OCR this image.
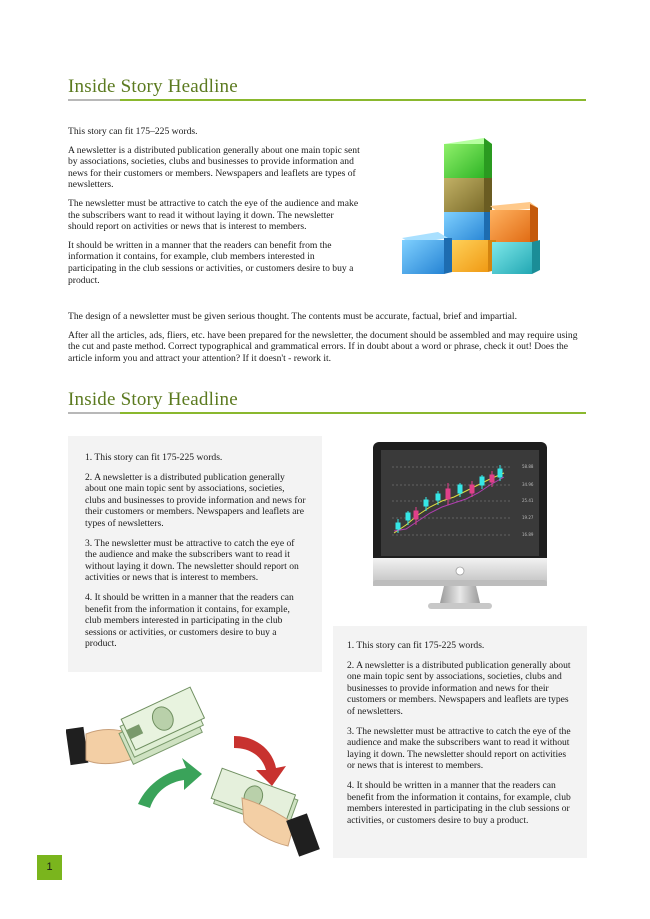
Inside Story Headline

This story can fit 175–225 words.

A newsletter is a distributed publication generally about one main topic sent by associations, societies, clubs and businesses to provide information and news for their customers or members. Newspapers and leaflets are types of newsletters.

The newsletter must be attractive to catch the eye of the audience and make the subscribers want to read it without laying it down. The newsletter should report on activities or news that is interest to members.

It should be written in a manner that the readers can benefit from the information it contains, for example, club members interested in participating in the club sessions or activities, or customers desire to buy a product.

The design of a newsletter must be given serious thought. The contents must be accurate, factual, brief and impartial.

After all the articles, ads, fliers, etc. have been prepared for the newsletter, the document should be assembled and may require using the cut and paste method. Correct typographical and grammatical errors. If in doubt about a word or phrase, check it out! Does the article inform you and attract your attention? If it doesn't - rework it.

Inside Story Headline

1. This story can fit 175-225 words.

2. A newsletter is a distributed publication generally about one main topic sent by associations, societies, clubs and businesses to provide information and news for their customers or members. Newspapers and leaflets are types of newsletters.

3. The newsletter must be attractive to catch the eye of the audience and make the subscribers want to read it without laying it down. The newsletter should report on activities or news that is interest to members.

4. It should be written in a manner that the readers can benefit from the information it contains, for example, club members interested in participating in the club sessions or activities, or customers desire to buy a product.

58.88
34.96
25.41
19.27
16.89

1. This story can fit 175-225 words.

2. A newsletter is a distributed publication generally about one main topic sent by associations, societies, clubs and businesses to provide information and news for their customers or members. Newspapers and leaflets are types of newsletters.

3. The newsletter must be attractive to catch the eye of the audience and make the subscribers want to read it without laying it down. The newsletter should report on activities or news that is interest to members.

4. It should be written in a manner that the readers can benefit from the information it contains, for example, club members interested in participating in the club sessions or activities, or customers desire to buy a product.

1
